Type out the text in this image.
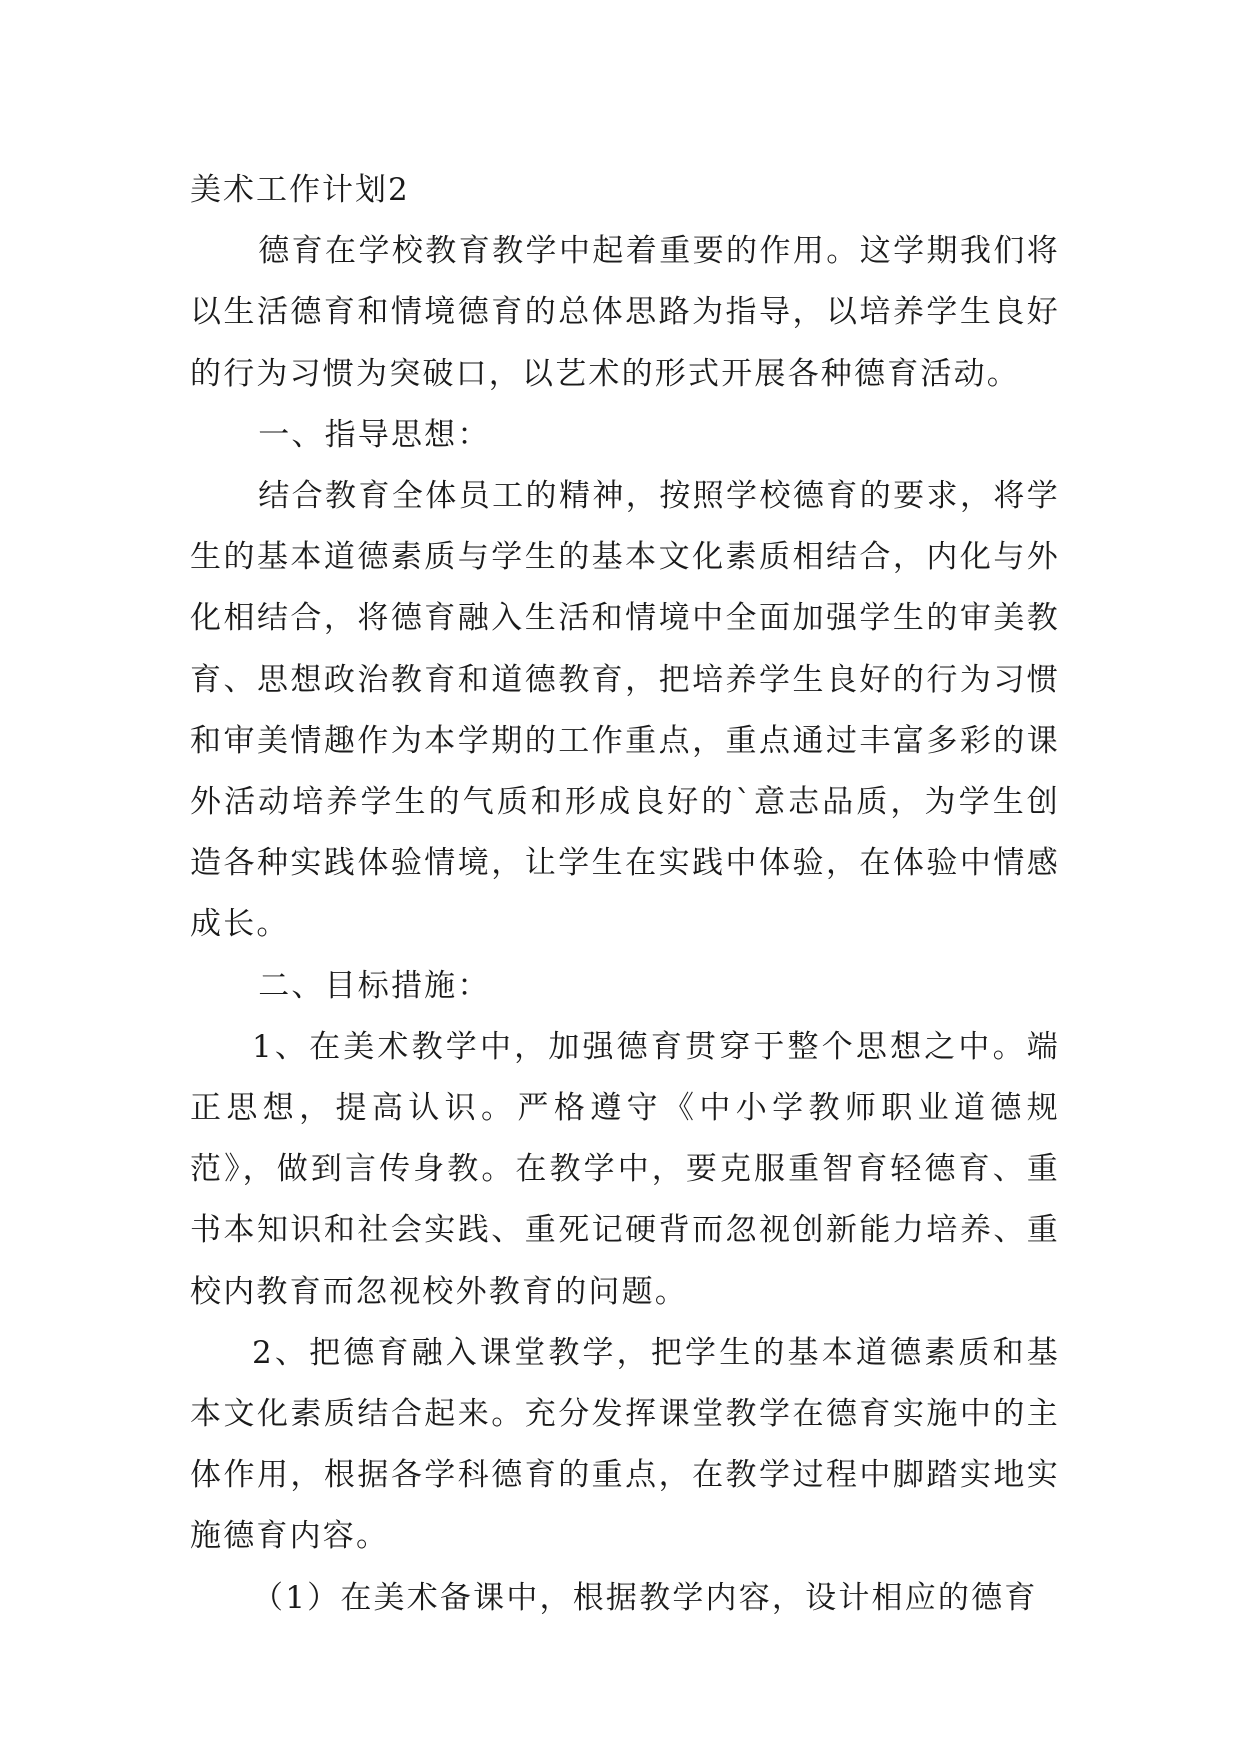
美术工作计划2

德育在学校教育教学中起着重要的作用。这学期我们将以生活德育和情境德育的总体思路为指导，以培养学生良好的行为习惯为突破口，以艺术的形式开展各种德育活动。

一、指导思想：

结合教育全体员工的精神，按照学校德育的要求，将学生的基本道德素质与学生的基本文化素质相结合，内化与外化相结合，将德育融入生活和情境中全面加强学生的审美教育、思想政治教育和道德教育，把培养学生良好的行为习惯和审美情趣作为本学期的工作重点，重点通过丰富多彩的课外活动培养学生的气质和形成良好的`意志品质，为学生创造各种实践体验情境，让学生在实践中体验，在体验中情感成长。

二、目标措施：

1、在美术教学中，加强德育贯穿于整个思想之中。端正思想，提高认识。严格遵守《中小学教师职业道德规范》，做到言传身教。在教学中，要克服重智育轻德育、重书本知识和社会实践、重死记硬背而忽视创新能力培养、重校内教育而忽视校外教育的问题。

2、把德育融入课堂教学，把学生的基本道德素质和基本文化素质结合起来。充分发挥课堂教学在德育实施中的主体作用，根据各学科德育的重点，在教学过程中脚踏实地实施德育内容。

（1）在美术备课中，根据教学内容，设计相应的德育
